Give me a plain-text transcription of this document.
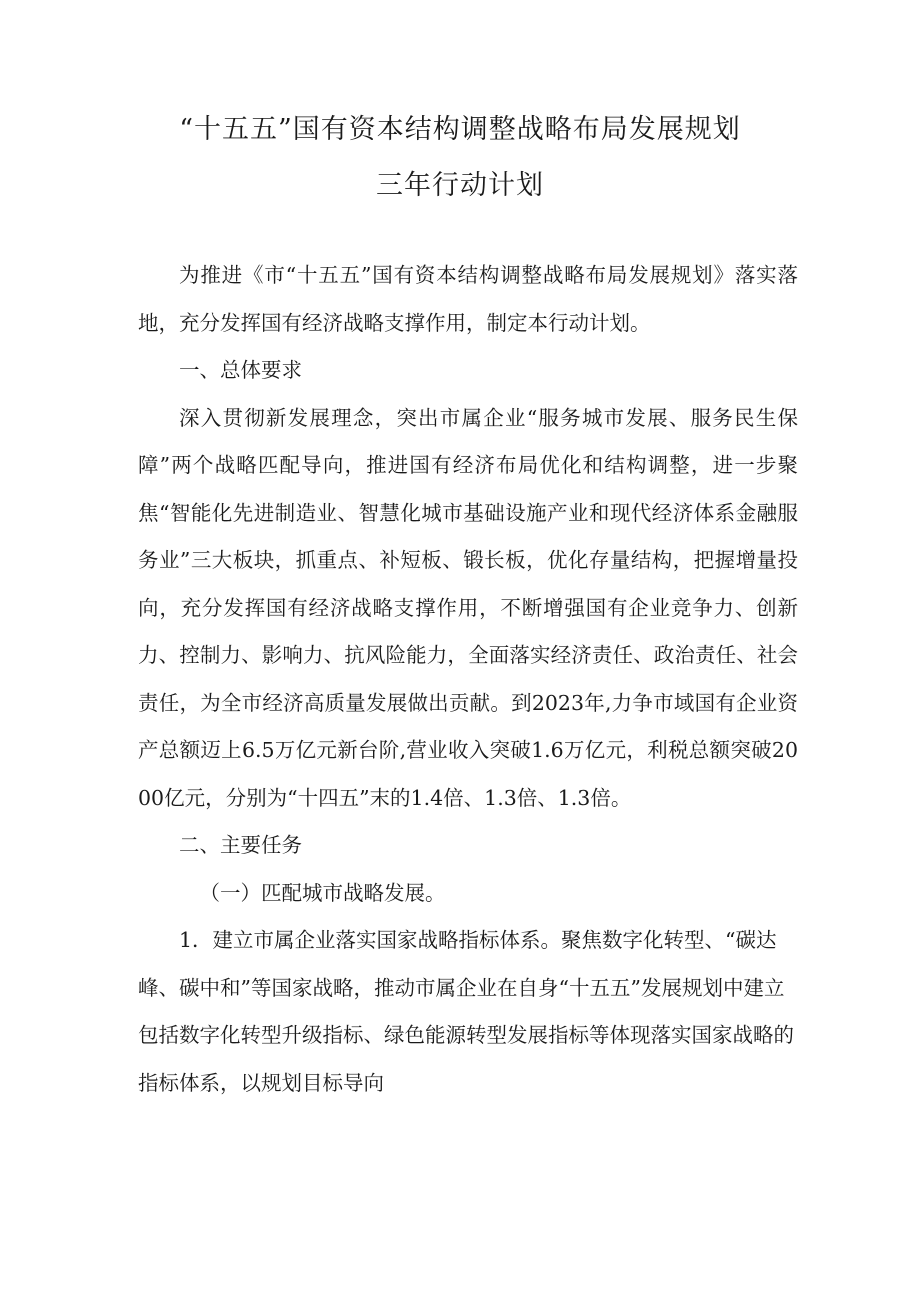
“十五五”国有资本结构调整战略布局发展规划
三年行动计划

为推进《市“十五五”国有资本结构调整战略布局发展规划》落实落地，充分发挥国有经济战略支撑作用，制定本行动计划。

一、总体要求

深入贯彻新发展理念，突出市属企业“服务城市发展、服务民生保障”两个战略匹配导向，推进国有经济布局优化和结构调整，进一步聚焦“智能化先进制造业、智慧化城市基础设施产业和现代经济体系金融服务业”三大板块，抓重点、补短板、锻长板，优化存量结构，把握增量投向，充分发挥国有经济战略支撑作用，不断增强国有企业竞争力、创新力、控制力、影响力、抗风险能力，全面落实经济责任、政治责任、社会责任，为全市经济高质量发展做出贡献。到2023年,力争市域国有企业资产总额迈上6.5万亿元新台阶,营业收入突破1.6万亿元，利税总额突破2000亿元，分别为“十四五”末的1.4倍、1.3倍、1.3倍。

二、主要任务

（一）匹配城市战略发展。

1．建立市属企业落实国家战略指标体系。聚焦数字化转型、“碳达峰、碳中和”等国家战略，推动市属企业在自身“十五五”发展规划中建立包括数字化转型升级指标、绿色能源转型发展指标等体现落实国家战略的指标体系，以规划目标导向
